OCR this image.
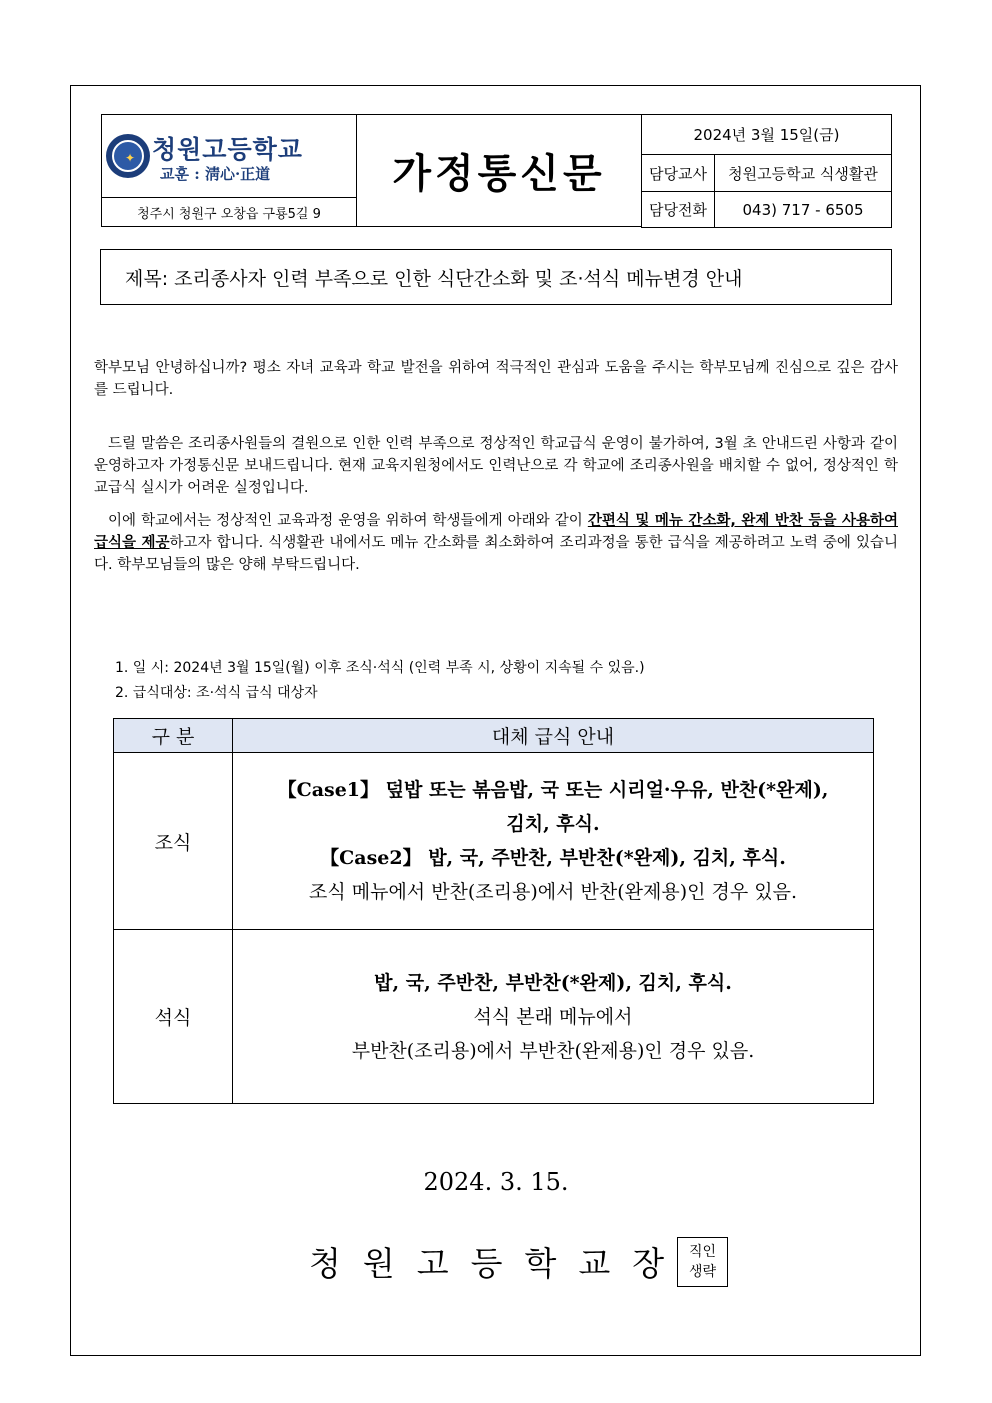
✦ 청원고등학교
교훈 : 淸心·正道
청주시 청원구 오창읍 구룡5길 9
가정통신문
2024년 3월 15일(금)
담당교사	청원고등학교 식생활관
담당전화	043) 717 - 6505
제목: 조리종사자 인력 부족으로 인한 식단간소화 및 조·석식 메뉴변경 안내
학부모님 안녕하십니까? 평소 자녀 교육과 학교 발전을 위하여 적극적인 관심과 도움을 주시는 학부모님께 진심으로 깊은 감사를 드립니다.
드릴 말씀은 조리종사원들의 결원으로 인한 인력 부족으로 정상적인 학교급식 운영이 불가하여, 3월 초 안내드린 사항과 같이 운영하고자 가정통신문 보내드립니다. 현재 교육지원청에서도 인력난으로 각 학교에 조리종사원을 배치할 수 없어, 정상적인 학교급식 실시가 어려운 실정입니다.
이에 학교에서는 정상적인 교육과정 운영을 위하여 학생들에게 아래와 같이 간편식 및 메뉴 간소화, 완제 반찬 등을 사용하여 급식을 제공하고자 합니다. 식생활관 내에서도 메뉴 간소화를 최소화하여 조리과정을 통한 급식을 제공하려고 노력 중에 있습니다. 학부모님들의 많은 양해 부탁드립니다.
1. 일 시: 2024년 3월 15일(월) 이후 조식·석식 (인력 부족 시, 상황이 지속될 수 있음.)
2. 급식대상: 조·석식 급식 대상자
구 분	대체 급식 안내
조식	【Case1】 덮밥 또는 볶음밥, 국 또는 시리얼·우유, 반찬(*완제),
김치, 후식.
【Case2】 밥, 국, 주반찬, 부반찬(*완제), 김치, 후식.
조식 메뉴에서 반찬(조리용)에서 반찬(완제용)인 경우 있음.

석식	밥, 국, 주반찬, 부반찬(*완제), 김치, 후식.
석식 본래 메뉴에서
부반찬(조리용)에서 부반찬(완제용)인 경우 있음.
2024. 3. 15.
청원고등학교장 직인
생략
